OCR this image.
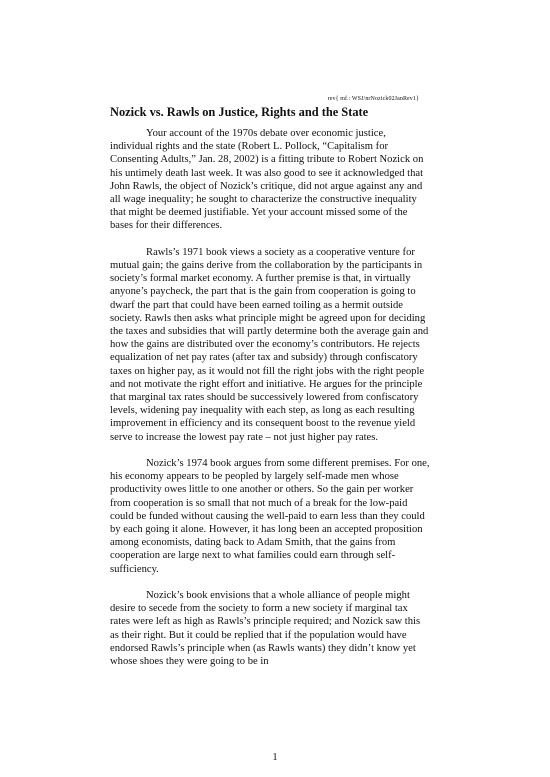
rev{ mf.: WSJ/nrNozick02JanRev1}
Nozick vs. Rawls on Justice, Rights and the State

Your account of the 1970s debate over economic justice, individual rights and the state (Robert L. Pollock, “Capitalism for Consenting Adults,” Jan. 28, 2002) is a fitting tribute to Robert Nozick on his untimely death last week. It was also good to see it acknowledged that John Rawls, the object of Nozick’s critique, did not argue against any and all wage inequality; he sought to characterize the constructive inequality that might be deemed justifiable. Yet your account missed some of the bases for their differences.

Rawls’s 1971 book views a society as a cooperative venture for mutual gain; the gains derive from the collaboration by the participants in society’s formal market economy. A further premise is that, in virtually anyone’s paycheck, the part that is the gain from cooperation is going to dwarf the part that could have been earned toiling as a hermit outside society. Rawls then asks what principle might be agreed upon for deciding the taxes and subsidies that will partly determine both the average gain and how the gains are distributed over the economy’s contributors. He rejects equalization of net pay rates (after tax and subsidy) through confiscatory taxes on higher pay, as it would not fill the right jobs with the right people and not motivate the right effort and initiative. He argues for the principle that marginal tax rates should be successively lowered from confiscatory levels, widening pay inequality with each step, as long as each resulting improvement in efficiency and its consequent boost to the revenue yield serve to increase the lowest pay rate – not just higher pay rates.

Nozick’s 1974 book argues from some different premises. For one, his economy appears to be peopled by largely self-made men whose productivity owes little to one another or others. So the gain per worker from cooperation is so small that not much of a break for the low-paid could be funded without causing the well-paid to earn less than they could by each going it alone. However, it has long been an accepted proposition among economists, dating back to Adam Smith, that the gains from cooperation are large next to what families could earn through self-sufficiency.

Nozick’s book envisions that a whole alliance of people might desire to secede from the society to form a new society if marginal tax rates were left as high as Rawls’s principle required; and Nozick saw this as their right. But it could be replied that if the population would have endorsed Rawls’s principle when (as Rawls wants) they didn’t know yet whose shoes they were going to be in

1
